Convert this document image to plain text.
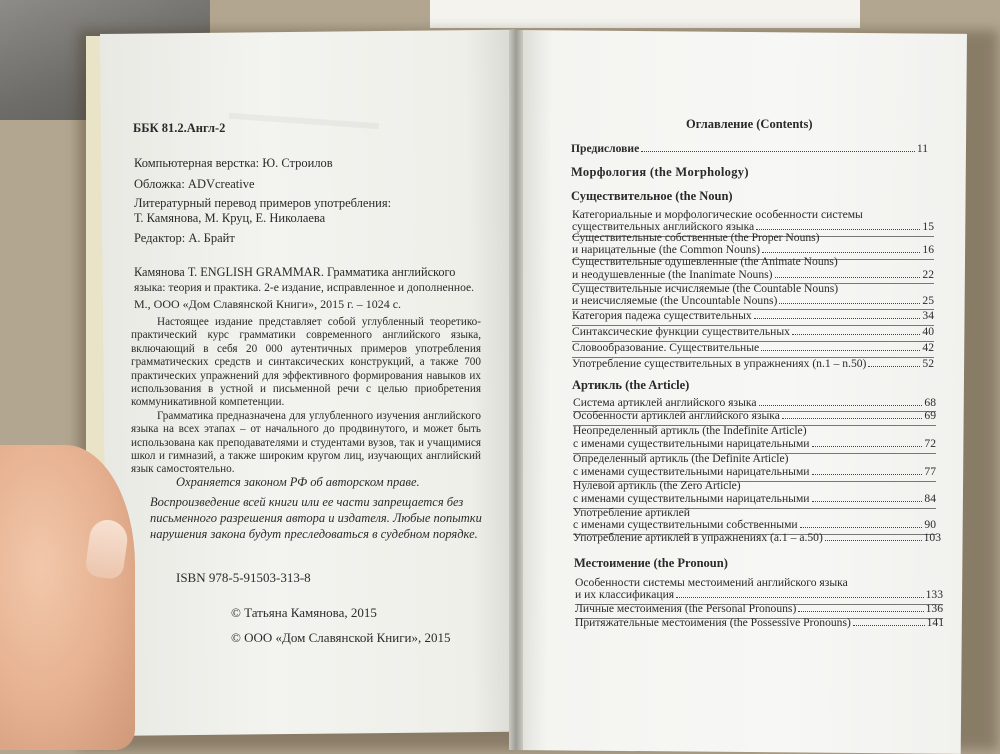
ББК 81.2.Англ-2
Компьютерная верстка: Ю. Строилов
Обложка: ADVcreative
Литературный перевод примеров употребления:
Т. Камянова, М. Круц, Е. Николаева
Редактор: А. Брайт
Камянова Т. ENGLISH GRAMMAR. Грамматика английского
языка: теория и практика. 2-е издание, исправленное и дополненное.
М., ООО «Дом Славянской Книги», 2015 г. – 1024 с.

Настоящее издание представляет собой углубленный теоретико-практический курс грамматики современного английского языка, включающий в себя 20 000 аутентичных примеров употребления грамматических средств и синтаксических конструкций, а также 700 практических упражнений для эффективного формирования навыков их использования в устной и письменной речи с целью приобретения коммуникативной компетенции.

Грамматика предназначена для углубленного изучения английского языка на всех этапах – от начального до продвинутого, и может быть использована как преподавателями и студентами вузов, так и учащимися школ и гимназий, а также широким кругом лиц, изучающих английский язык самостоятельно.

Охраняется законом РФ об авторском праве.
Воспроизведение всей книги или ее части запрещается без
письменного разрешения автора и издателя. Любые попытки
нарушения закона будут преследоваться в судебном порядке.
ISBN 978-5-91503-313-8
© Татьяна Камянова, 2015
© ООО «Дом Славянской Книги», 2015
Оглавление (Contents)
Предисловие	11
Морфология (the Morphology)
Существительное (the Noun)
Категориальные и морфологические особенности системы
существительных английского языка	15
Существительные собственные (the Proper Nouns)
и нарицательные (the Common Nouns)	16
Существительные одушевленные (the Animate Nouns)
и неодушевленные (the Inanimate Nouns)	22
Существительные исчисляемые (the Countable Nouns)
и неисчисляемые (the Uncountable Nouns)	25
Категория падежа существительных	34
Синтаксические функции существительных	40
Словообразование. Существительные	42
Употребление существительных в упражнениях (n.1 – n.50)	52
Артикль (the Article)
Система артиклей английского языка	68
Особенности артиклей английского языка	69
Неопределенный артикль (the Indefinite Article)
с именами существительными нарицательными	72
Определенный артикль (the Definite Article)
с именами существительными нарицательными	77
Нулевой артикль (the Zero Article)
с именами существительными нарицательными	84
Употребление артиклей
с именами существительными собственными	90
Употребление артиклей в упражнениях (a.1 – a.50)	103
Местоимение (the Pronoun)
Особенности системы местоимений английского языка
и их классификация	133
Личные местоимения (the Personal Pronouns)	136
Притяжательные местоимения (the Possessive Pronouns)	141
